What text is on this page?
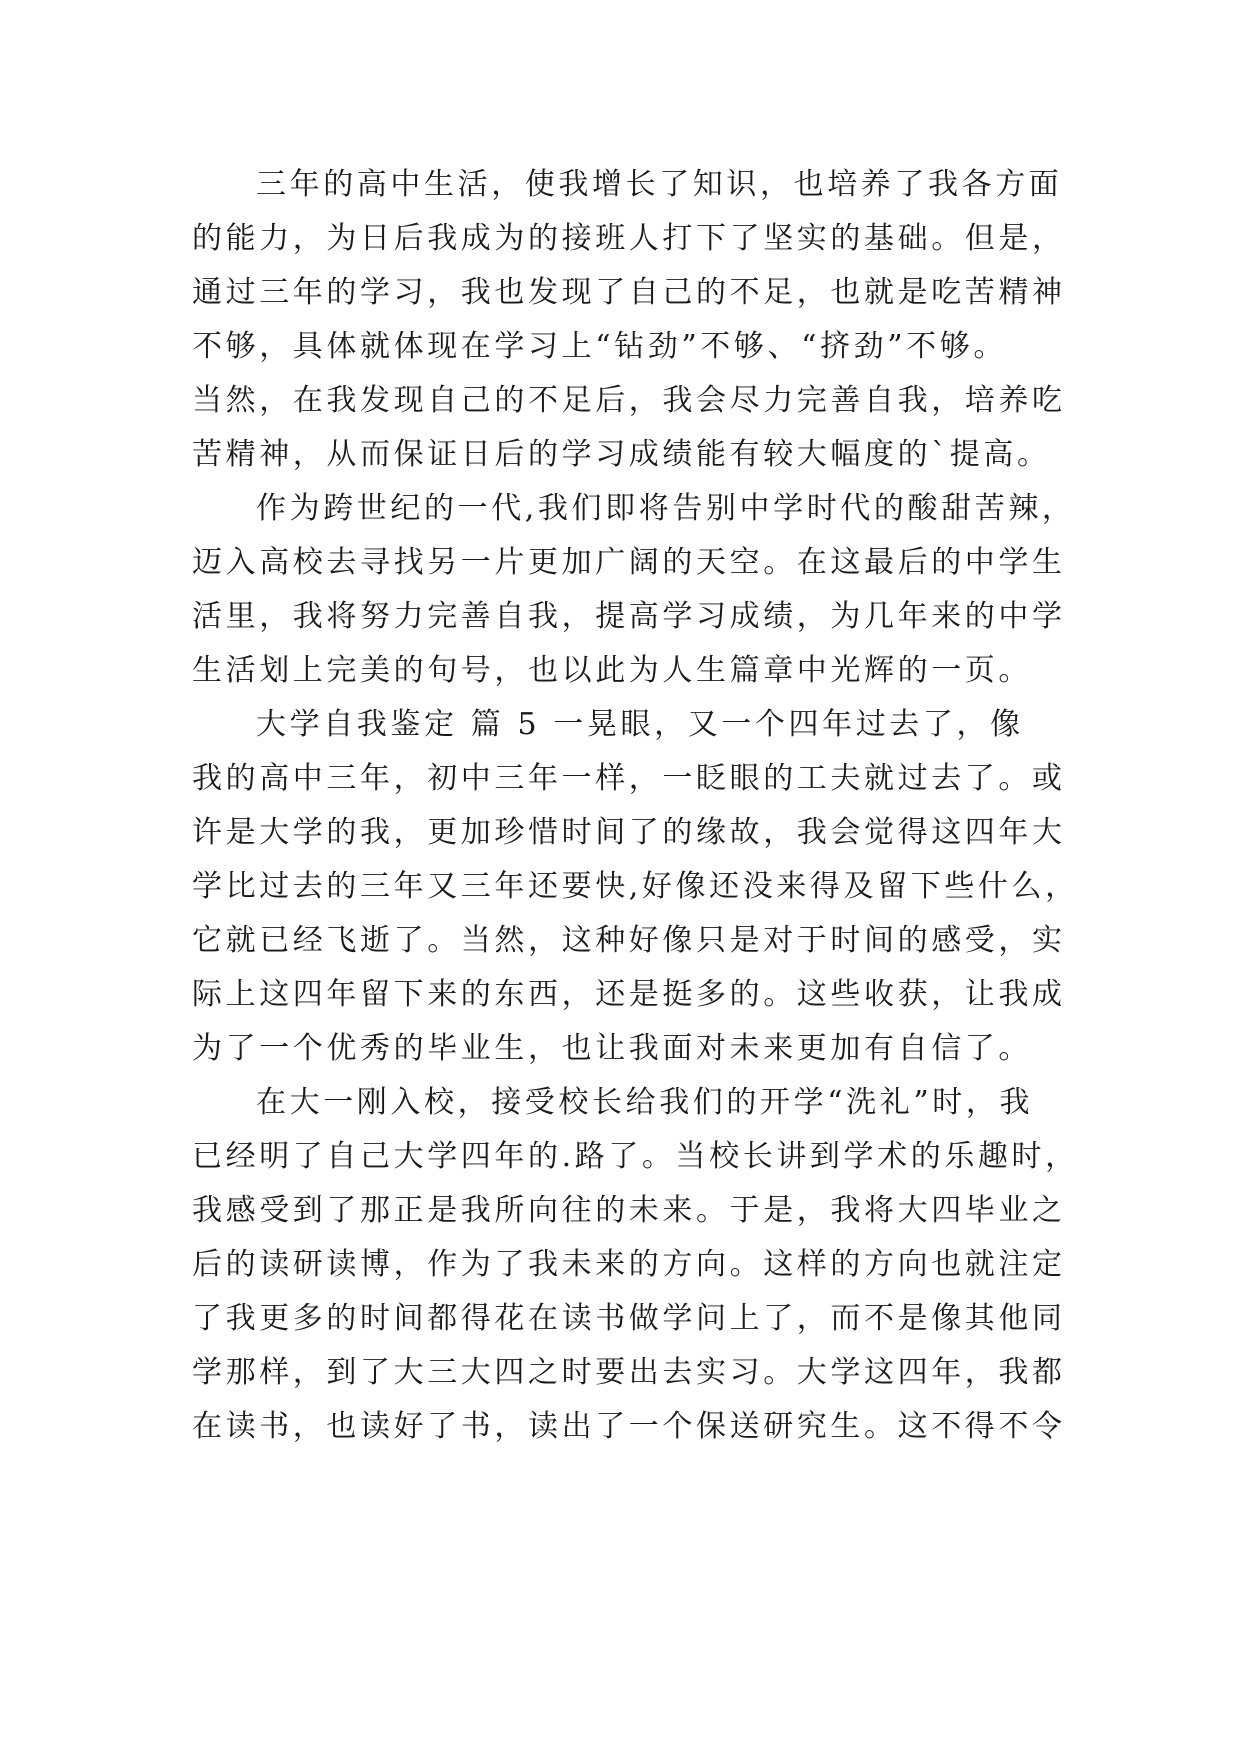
三年的高中生活，使我增长了知识，也培养了我各方面
的能力，为日后我成为的接班人打下了坚实的基础。但是，
通过三年的学习，我也发现了自己的不足，也就是吃苦精神
不够，具体就体现在学习上“钻劲”不够、“挤劲”不够。
当然，在我发现自己的不足后，我会尽力完善自我，培养吃
苦精神，从而保证日后的学习成绩能有较大幅度的`提高。
作为跨世纪的一代,我们即将告别中学时代的酸甜苦辣，
迈入高校去寻找另一片更加广阔的天空。在这最后的中学生
活里，我将努力完善自我，提高学习成绩，为几年来的中学
生活划上完美的句号，也以此为人生篇章中光辉的一页。
大学自我鉴定 篇 5 一晃眼，又一个四年过去了，像
我的高中三年，初中三年一样，一眨眼的工夫就过去了。或
许是大学的我，更加珍惜时间了的缘故，我会觉得这四年大
学比过去的三年又三年还要快,好像还没来得及留下些什么，
它就已经飞逝了。当然，这种好像只是对于时间的感受，实
际上这四年留下来的东西，还是挺多的。这些收获，让我成
为了一个优秀的毕业生，也让我面对未来更加有自信了。
在大一刚入校，接受校长给我们的开学“洗礼”时，我
已经明了自己大学四年的.路了。当校长讲到学术的乐趣时，
我感受到了那正是我所向往的未来。于是，我将大四毕业之
后的读研读博，作为了我未来的方向。这样的方向也就注定
了我更多的时间都得花在读书做学问上了，而不是像其他同
学那样，到了大三大四之时要出去实习。大学这四年，我都
在读书，也读好了书，读出了一个保送研究生。这不得不令
